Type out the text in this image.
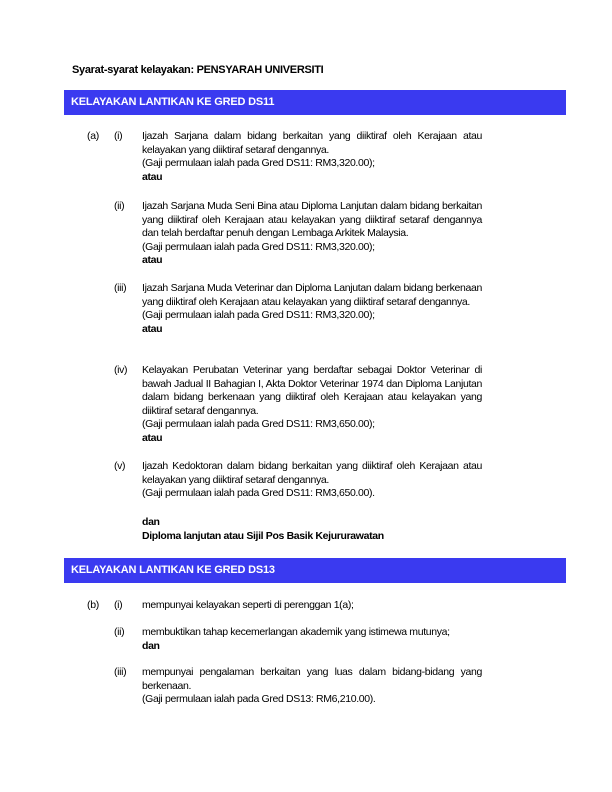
Syarat-syarat kelayakan: PENSYARAH UNIVERSITI
KELAYAKAN LANTIKAN KE GRED DS11
(a) (i) Ijazah Sarjana dalam bidang berkaitan yang diiktiraf oleh Kerajaan atau kelayakan yang diiktiraf setaraf dengannya.
(Gaji permulaan ialah pada Gred DS11: RM3,320.00);
atau
(ii) Ijazah Sarjana Muda Seni Bina atau Diploma Lanjutan dalam bidang berkaitan yang diiktiraf oleh Kerajaan atau kelayakan yang diiktiraf setaraf dengannya dan telah berdaftar penuh dengan Lembaga Arkitek Malaysia.
(Gaji permulaan ialah pada Gred DS11: RM3,320.00);
atau
(iii) Ijazah Sarjana Muda Veterinar dan Diploma Lanjutan dalam bidang berkenaan yang diiktiraf oleh Kerajaan atau kelayakan yang diiktiraf setaraf dengannya.
(Gaji permulaan ialah pada Gred DS11: RM3,320.00);
atau
(iv) Kelayakan Perubatan Veterinar yang berdaftar sebagai Doktor Veterinar di bawah Jadual II Bahagian I, Akta Doktor Veterinar 1974 dan Diploma Lanjutan dalam bidang berkenaan yang diiktiraf oleh Kerajaan atau kelayakan yang diiktiraf setaraf dengannya.
(Gaji permulaan ialah pada Gred DS11: RM3,650.00);
atau
(v) Ijazah Kedoktoran dalam bidang berkaitan yang diiktiraf oleh Kerajaan atau kelayakan yang diiktiraf setaraf dengannya.
(Gaji permulaan ialah pada Gred DS11: RM3,650.00).
dan
Diploma lanjutan atau Sijil Pos Basik Kejururawatan
KELAYAKAN LANTIKAN KE GRED DS13
(b) (i) mempunyai kelayakan seperti di perenggan 1(a);
(ii) membuktikan tahap kecemerlangan akademik yang istimewa mutunya;
dan
(iii) mempunyai pengalaman berkaitan yang luas dalam bidang-bidang yang berkenaan.
(Gaji permulaan ialah pada Gred DS13: RM6,210.00).
